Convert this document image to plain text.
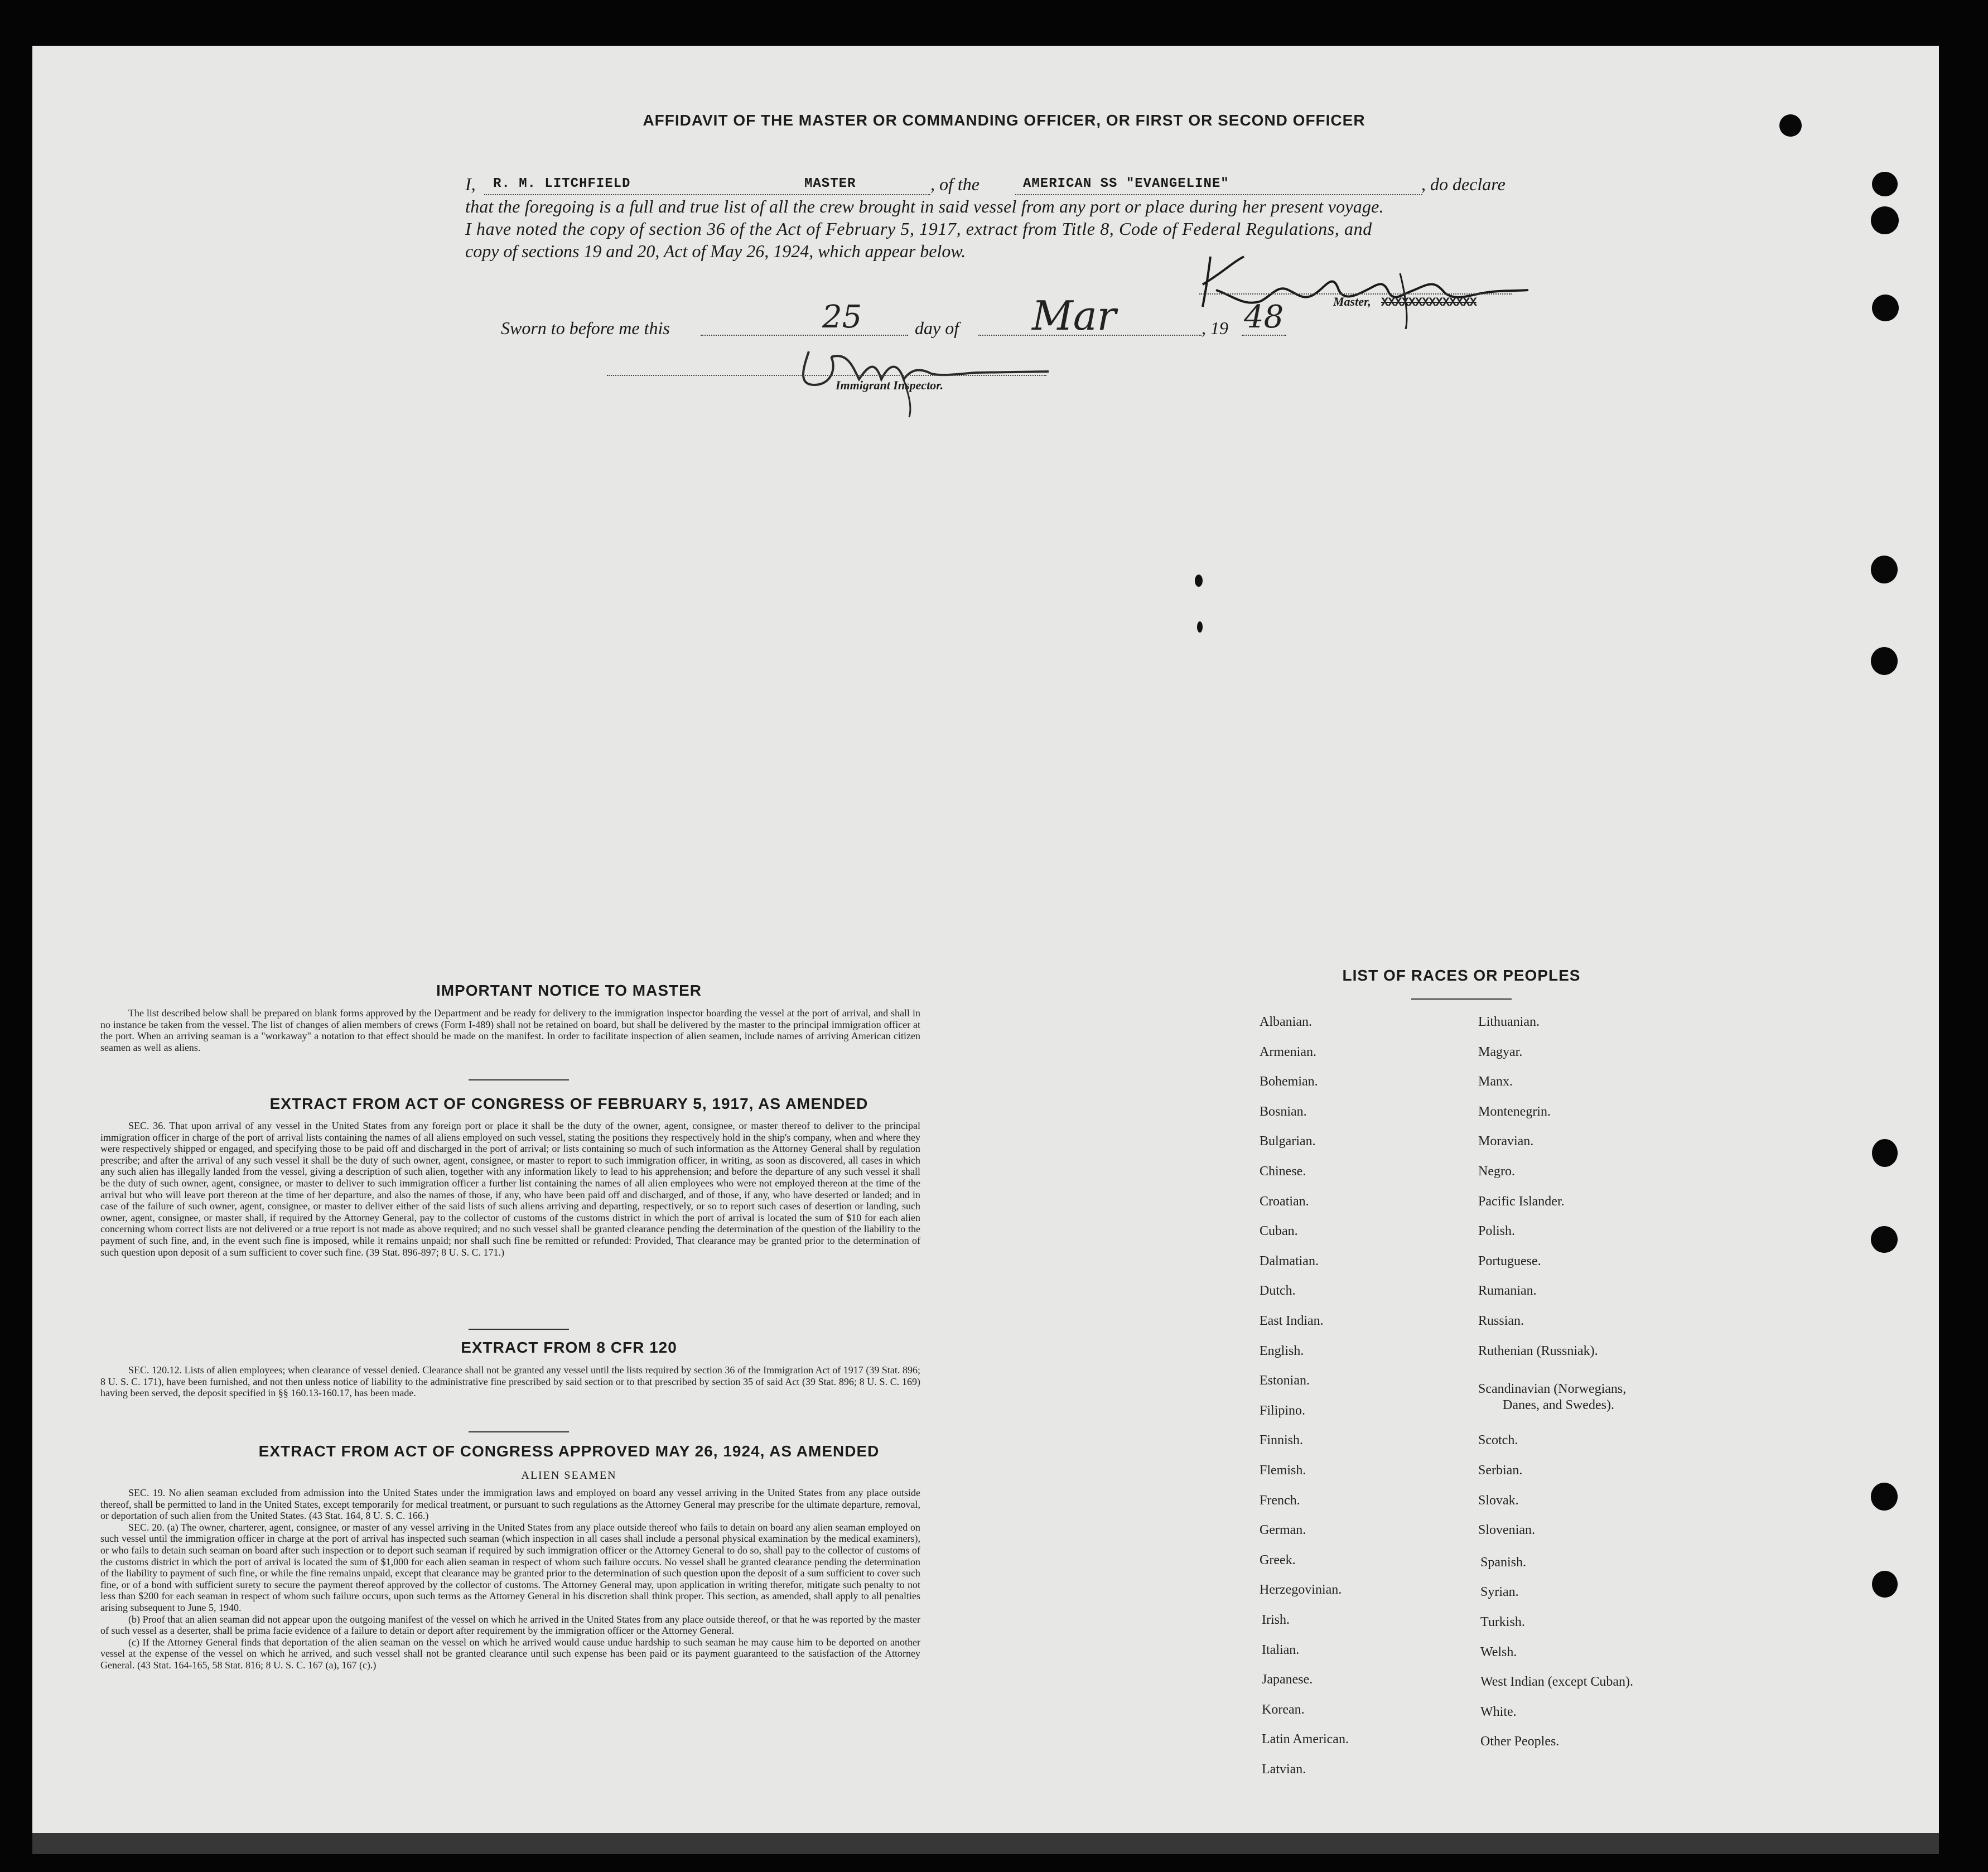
AFFIDAVIT OF THE MASTER OR COMMANDING OFFICER, OR FIRST OR SECOND OFFICER
I,	R. M. LITCHFIELD	MASTER	, of the	AMERICAN SS "EVANGELINE"	, do declare
that the foregoing is a full and true list of all the crew brought in said vessel from any port or place during her present voyage.
I have noted the copy of section 36 of the Act of February 5, 1917, extract from Title 8, Code of Federal Regulations, and
copy of sections 19 and 20, Act of May 26, 1924, which appear below.
Master, XXXXXXXXXXXXXX
Sworn to before me this	25	day of Mar	, 19 48
Immigrant Inspector.
IMPORTANT NOTICE TO MASTER

The list described below shall be prepared on blank forms approved by the Department and be ready for delivery to the immigration inspector boarding the vessel at the port of arrival, and shall in no instance be taken from the vessel. The list of changes of alien members of crews (Form I-489) shall not be retained on board, but shall be delivered by the master to the principal immigration officer at the port. When an arriving seaman is a "workaway" a notation to that effect should be made on the manifest. In order to facilitate inspection of alien seamen, include names of arriving American citizen seamen as well as aliens.

EXTRACT FROM ACT OF CONGRESS OF FEBRUARY 5, 1917, AS AMENDED

SEC. 36. That upon arrival of any vessel in the United States from any foreign port or place it shall be the duty of the owner, agent, consignee, or master thereof to deliver to the principal immigration officer in charge of the port of arrival lists containing the names of all aliens employed on such vessel, stating the positions they respectively hold in the ship's company, when and where they were respectively shipped or engaged, and specifying those to be paid off and discharged in the port of arrival; or lists containing so much of such information as the Attorney General shall by regulation prescribe; and after the arrival of any such vessel it shall be the duty of such owner, agent, consignee, or master to report to such immigration officer, in writing, as soon as discovered, all cases in which any such alien has illegally landed from the vessel, giving a description of such alien, together with any information likely to lead to his apprehension; and before the departure of any such vessel it shall be the duty of such owner, agent, consignee, or master to deliver to such immigration officer a further list containing the names of all alien employees who were not employed thereon at the time of the arrival but who will leave port thereon at the time of her departure, and also the names of those, if any, who have been paid off and discharged, and of those, if any, who have deserted or landed; and in case of the failure of such owner, agent, consignee, or master to deliver either of the said lists of such aliens arriving and departing, respectively, or so to report such cases of desertion or landing, such owner, agent, consignee, or master shall, if required by the Attorney General, pay to the collector of customs of the customs district in which the port of arrival is located the sum of $10 for each alien concerning whom correct lists are not delivered or a true report is not made as above required; and no such vessel shall be granted clearance pending the determination of the question of the liability to the payment of such fine, and, in the event such fine is imposed, while it remains unpaid; nor shall such fine be remitted or refunded: Provided, That clearance may be granted prior to the determination of such question upon deposit of a sum sufficient to cover such fine. (39 Stat. 896-897; 8 U. S. C. 171.)

EXTRACT FROM 8 CFR 120

SEC. 120.12. Lists of alien employees; when clearance of vessel denied. Clearance shall not be granted any vessel until the lists required by section 36 of the Immigration Act of 1917 (39 Stat. 896; 8 U. S. C. 171), have been furnished, and not then unless notice of liability to the administrative fine prescribed by said section or to that prescribed by section 35 of said Act (39 Stat. 896; 8 U. S. C. 169) having been served, the deposit specified in §§ 160.13-160.17, has been made.

EXTRACT FROM ACT OF CONGRESS APPROVED MAY 26, 1924, AS AMENDED
ALIEN SEAMEN

SEC. 19. No alien seaman excluded from admission into the United States under the immigration laws and employed on board any vessel arriving in the United States from any place outside thereof, shall be permitted to land in the United States, except temporarily for medical treatment, or pursuant to such regulations as the Attorney General may prescribe for the ultimate departure, removal, or deportation of such alien from the United States. (43 Stat. 164, 8 U. S. C. 166.)

SEC. 20. (a) The owner, charterer, agent, consignee, or master of any vessel arriving in the United States from any place outside thereof who fails to detain on board any alien seaman employed on such vessel until the immigration officer in charge at the port of arrival has inspected such seaman (which inspection in all cases shall include a personal physical examination by the medical examiners), or who fails to detain such seaman on board after such inspection or to deport such seaman if required by such immigration officer or the Attorney General to do so, shall pay to the collector of customs of the customs district in which the port of arrival is located the sum of $1,000 for each alien seaman in respect of whom such failure occurs. No vessel shall be granted clearance pending the determination of the liability to payment of such fine, or while the fine remains unpaid, except that clearance may be granted prior to the determination of such question upon the deposit of a sum sufficient to cover such fine, or of a bond with sufficient surety to secure the payment thereof approved by the collector of customs. The Attorney General may, upon application in writing therefor, mitigate such penalty to not less than $200 for each seaman in respect of whom such failure occurs, upon such terms as the Attorney General in his discretion shall think proper. This section, as amended, shall apply to all penalties arising subsequent to June 5, 1940.

(b) Proof that an alien seaman did not appear upon the outgoing manifest of the vessel on which he arrived in the United States from any place outside thereof, or that he was reported by the master of such vessel as a deserter, shall be prima facie evidence of a failure to detain or deport after requirement by the immigration officer or the Attorney General.

(c) If the Attorney General finds that deportation of the alien seaman on the vessel on which he arrived would cause undue hardship to such seaman he may cause him to be deported on another vessel at the expense of the vessel on which he arrived, and such vessel shall not be granted clearance until such expense has been paid or its payment guaranteed to the satisfaction of the Attorney General. (43 Stat. 164-165, 58 Stat. 816; 8 U. S. C. 167 (a), 167 (c).)

LIST OF RACES OR PEOPLES
Albanian.
Armenian.
Bohemian.
Bosnian.
Bulgarian.
Chinese.
Croatian.
Cuban.
Dalmatian.
Dutch.
East Indian.
English.
Estonian.
Filipino.
Finnish.
Flemish.
French.
German.
Greek.
Herzegovinian.
Irish.
Italian.
Japanese.
Korean.
Latin American.
Latvian.
Lithuanian.
Magyar.
Manx.
Montenegrin.
Moravian.
Negro.
Pacific Islander.
Polish.
Portuguese.
Rumanian.
Russian.
Ruthenian (Russniak).
Scandinavian (Norwegians,
Danes, and Swedes).
Scotch.
Serbian.
Slovak.
Slovenian.
Spanish.
Syrian.
Turkish.
Welsh.
West Indian (except Cuban).
White.
Other Peoples.
